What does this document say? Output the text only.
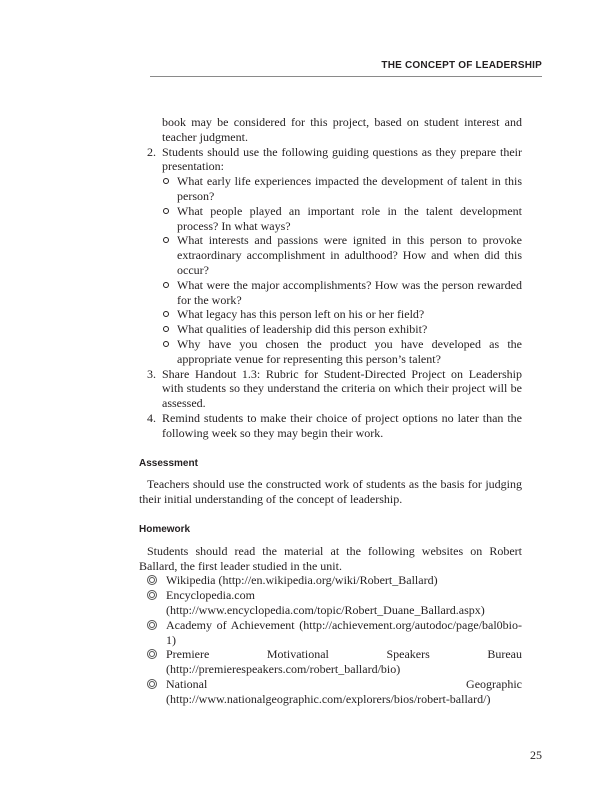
THE CONCEPT OF LEADERSHIP

book may be considered for this project, based on student interest and teacher judgment.

2. Students should use the following guiding questions as they prepare their presentation:
What early life experiences impacted the development of talent in this person?
What people played an important role in the talent development process? In what ways?
What interests and passions were ignited in this person to provoke extraordinary accomplishment in adulthood? How and when did this occur?
What were the major accomplishments? How was the person rewarded for the work?
What legacy has this person left on his or her field?
What qualities of leadership did this person exhibit?
Why have you chosen the product you have developed as the appropriate venue for representing this person’s talent?
3. Share Handout 1.3: Rubric for Student-Directed Project on Leadership with students so they understand the criteria on which their project will be assessed.
4. Remind students to make their choice of project options no later than the following week so they may begin their work.
Assessment

Teachers should use the constructed work of students as the basis for judging their initial understanding of the concept of leadership.

Homework

Students should read the material at the following websites on Robert Ballard, the first leader studied in the unit.

Wikipedia (http://en.wikipedia.org/wiki/Robert_Ballard)
Encyclopedia.com (http://www.encyclopedia.com/topic/Robert_Duane_Ballard.aspx)
Academy of Achievement (http://achievement.org/autodoc/page/bal0bio-1)
Premiere Motivational Speakers Bureau (http://premierespeakers.com/robert_ballard/bio)
National Geographic (http://www.nationalgeographic.com/explorers/bios/robert-ballard/)
25
